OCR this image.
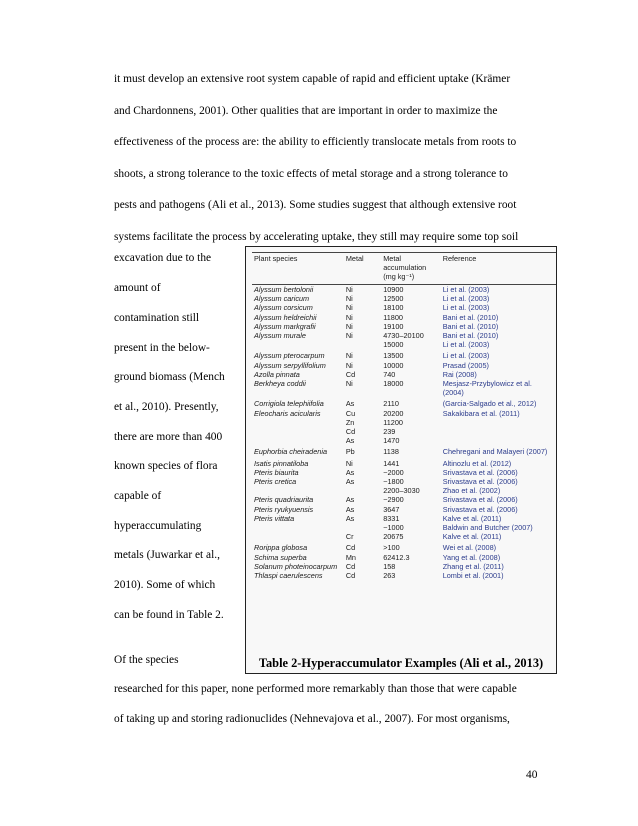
it must develop an extensive root system capable of rapid and efficient uptake (Krämer

and Chardonnens, 2001). Other qualities that are important in order to maximize the

effectiveness of the process are: the ability to efficiently translocate metals from roots to

shoots, a strong tolerance to the toxic effects of metal storage and a strong tolerance to

pests and pathogens (Ali et al., 2013). Some studies suggest that although extensive root

systems facilitate the process by accelerating uptake, they still may require some top soil

excavation due to the
amount of
contamination still
present in the below-
ground biomass (Mench
et al., 2010). Presently,
there are more than 400
known species of flora
capable of
hyperaccumulating
metals (Juwarkar et al.,
2010). Some of which
can be found in Table 2.
Of the species
researched for this paper, none performed more remarkably than those that were capable
of taking up and storing radionuclides (Nehnevajova et al., 2007). For most organisms,
Plant species	Metal	Metal accumulation (mg kg⁻¹)	Reference
Alyssum bertolonii	Ni	10900	Li et al. (2003)
Alyssum caricum	Ni	12500	Li et al. (2003)
Alyssum corsicum	Ni	18100	Li et al. (2003)
Alyssum heldreichii	Ni	11800	Bani et al. (2010)
Alyssum markgrafii	Ni	19100	Bani et al. (2010)
Alyssum murale	Ni	4730–20100	Bani et al. (2010)
		15000	Li et al. (2003)
Alyssum pterocarpum	Ni	13500	Li et al. (2003)
Alyssum serpyllifolium	Ni	10000	Prasad (2005)
Azolla pinnata	Cd	740	Rai (2008)
Berkheya coddii	Ni	18000	Mesjasz-Przybylowicz et al. (2004)
Corrigiola telephiifolia	As	2110	(Garcia-Salgado et al., 2012)
Eleocharis acicularis	Cu	20200	Sakakibara et al. (2011)
	Zn	11200	
	Cd	239	
	As	1470	
Euphorbia cheiradenia	Pb	1138	Chehregani and Malayeri (2007)
Isatis pinnatiloba	Ni	1441	Altinozlu et al. (2012)
Pteris biaurita	As	~2000	Srivastava et al. (2006)
Pteris cretica	As	~1800	Srivastava et al. (2006)
		2200–3030	Zhao et al. (2002)
Pteris quadriaurita	As	~2900	Srivastava et al. (2006)
Pteris ryukyuensis	As	3647	Srivastava et al. (2006)
Pteris vittata	As	8331	Kalve et al. (2011)
		~1000	Baldwin and Butcher (2007)
	Cr	20675	Kalve et al. (2011)
Rorippa globosa	Cd	>100	Wei et al. (2008)
Schima superba	Mn	62412.3	Yang et al. (2008)
Solanum photeinocarpum	Cd	158	Zhang et al. (2011)
Thlaspi caerulescens	Cd	263	Lombi et al. (2001)
Table 2-Hyperaccumulator Examples (Ali et al., 2013)
40
